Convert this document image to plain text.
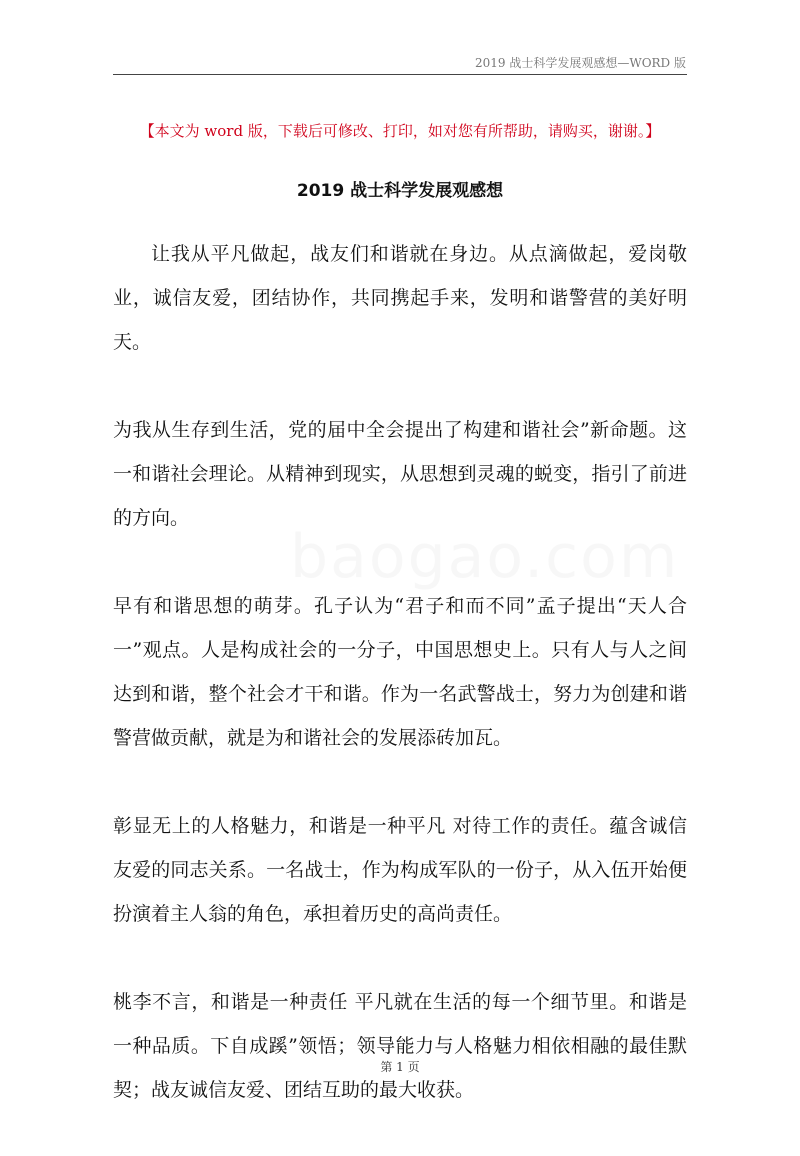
2019 战士科学发展观感想—WORD 版
【本文为 word 版，下载后可修改、打印，如对您有所帮助，请购买，谢谢。】
2019 战士科学发展观感想
baogao.com

让我从平凡做起，战友们和谐就在身边。从点滴做起，爱岗敬业，诚信友爱，团结协作，共同携起手来，发明和谐警营的美好明天。

为我从生存到生活，党的届中全会提出了构建和谐社会”新命题。这一和谐社会理论。从精神到现实，从思想到灵魂的蜕变，指引了前进的方向。

早有和谐思想的萌芽。孔子认为“君子和而不同”孟子提出“天人合一”观点。人是构成社会的一分子，中国思想史上。只有人与人之间达到和谐，整个社会才干和谐。作为一名武警战士，努力为创建和谐警营做贡献，就是为和谐社会的发展添砖加瓦。

彰显无上的人格魅力，和谐是一种平凡 对待工作的责任。蕴含诚信友爱的同志关系。一名战士，作为构成军队的一份子，从入伍开始便扮演着主人翁的角色，承担着历史的高尚责任。

桃李不言，和谐是一种责任 平凡就在生活的每一个细节里。和谐是一种品质。下自成蹊”领悟；领导能力与人格魅力相依相融的最佳默契；战友诚信友爱、团结互助的最大收获。

第 1 页
